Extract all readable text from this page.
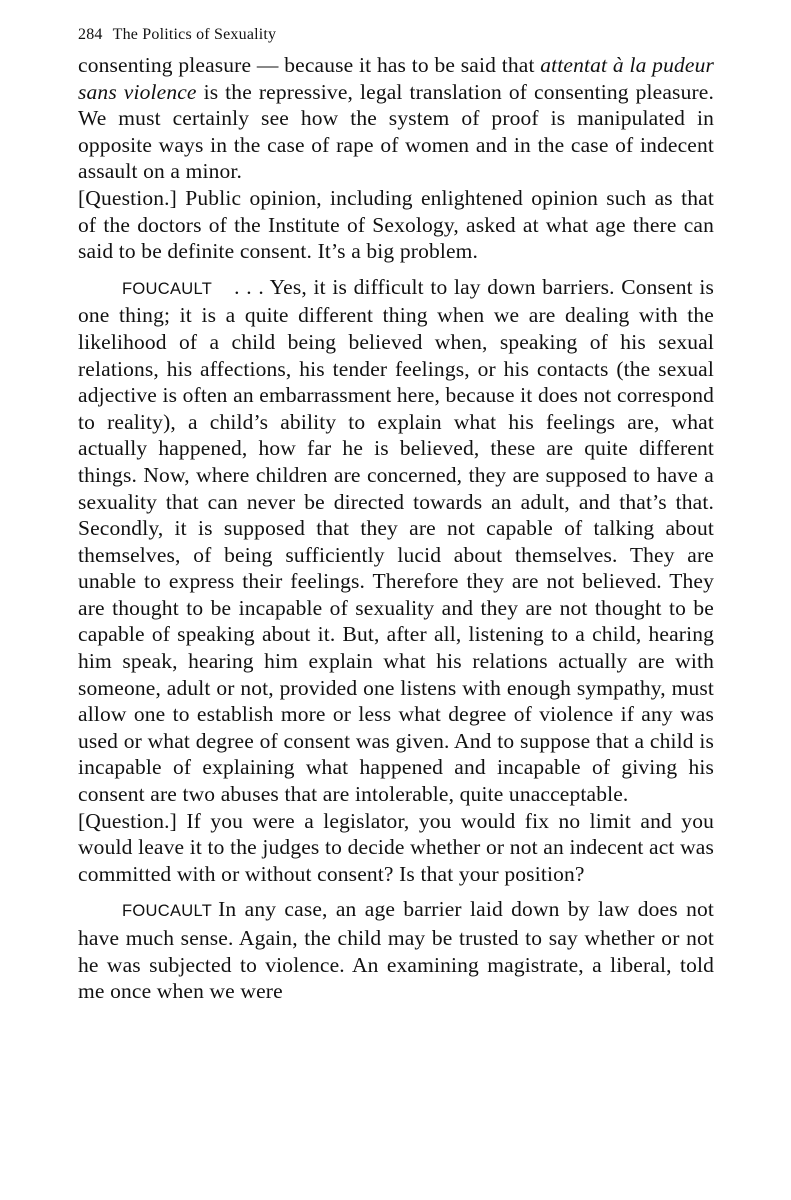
284 The Politics of Sexuality

consenting pleasure — because it has to be said that attentat à la pudeur sans violence is the repressive, legal translation of consenting pleasure. We must certainly see how the system of proof is manipulated in opposite ways in the case of rape of women and in the case of indecent assault on a minor.

[Question.] Public opinion, including enlightened opinion such as that of the doctors of the Institute of Sexology, asked at what age there can said to be definite consent. It’s a big problem.

FOUCAULT . . . Yes, it is difficult to lay down barriers. Consent is one thing; it is a quite different thing when we are dealing with the likelihood of a child being believed when, speaking of his sexual relations, his affections, his tender feelings, or his contacts (the sexual adjective is often an embarrassment here, because it does not correspond to reality), a child’s ability to explain what his feelings are, what actually happened, how far he is believed, these are quite different things. Now, where children are concerned, they are supposed to have a sexuality that can never be directed towards an adult, and that’s that. Secondly, it is supposed that they are not capable of talking about themselves, of being sufficiently lucid about themselves. They are unable to express their feelings. Therefore they are not believed. They are thought to be incapable of sexuality and they are not thought to be capable of speaking about it. But, after all, listening to a child, hearing him speak, hearing him explain what his relations actually are with someone, adult or not, provided one listens with enough sympathy, must allow one to establish more or less what degree of violence if any was used or what degree of consent was given. And to suppose that a child is incapable of explaining what happened and incapable of giving his consent are two abuses that are intolerable, quite unacceptable.

[Question.] If you were a legislator, you would fix no limit and you would leave it to the judges to decide whether or not an indecent act was committed with or without consent? Is that your position?

FOUCAULT In any case, an age barrier laid down by law does not have much sense. Again, the child may be trusted to say whether or not he was subjected to violence. An examining magistrate, a liberal, told me once when we were
